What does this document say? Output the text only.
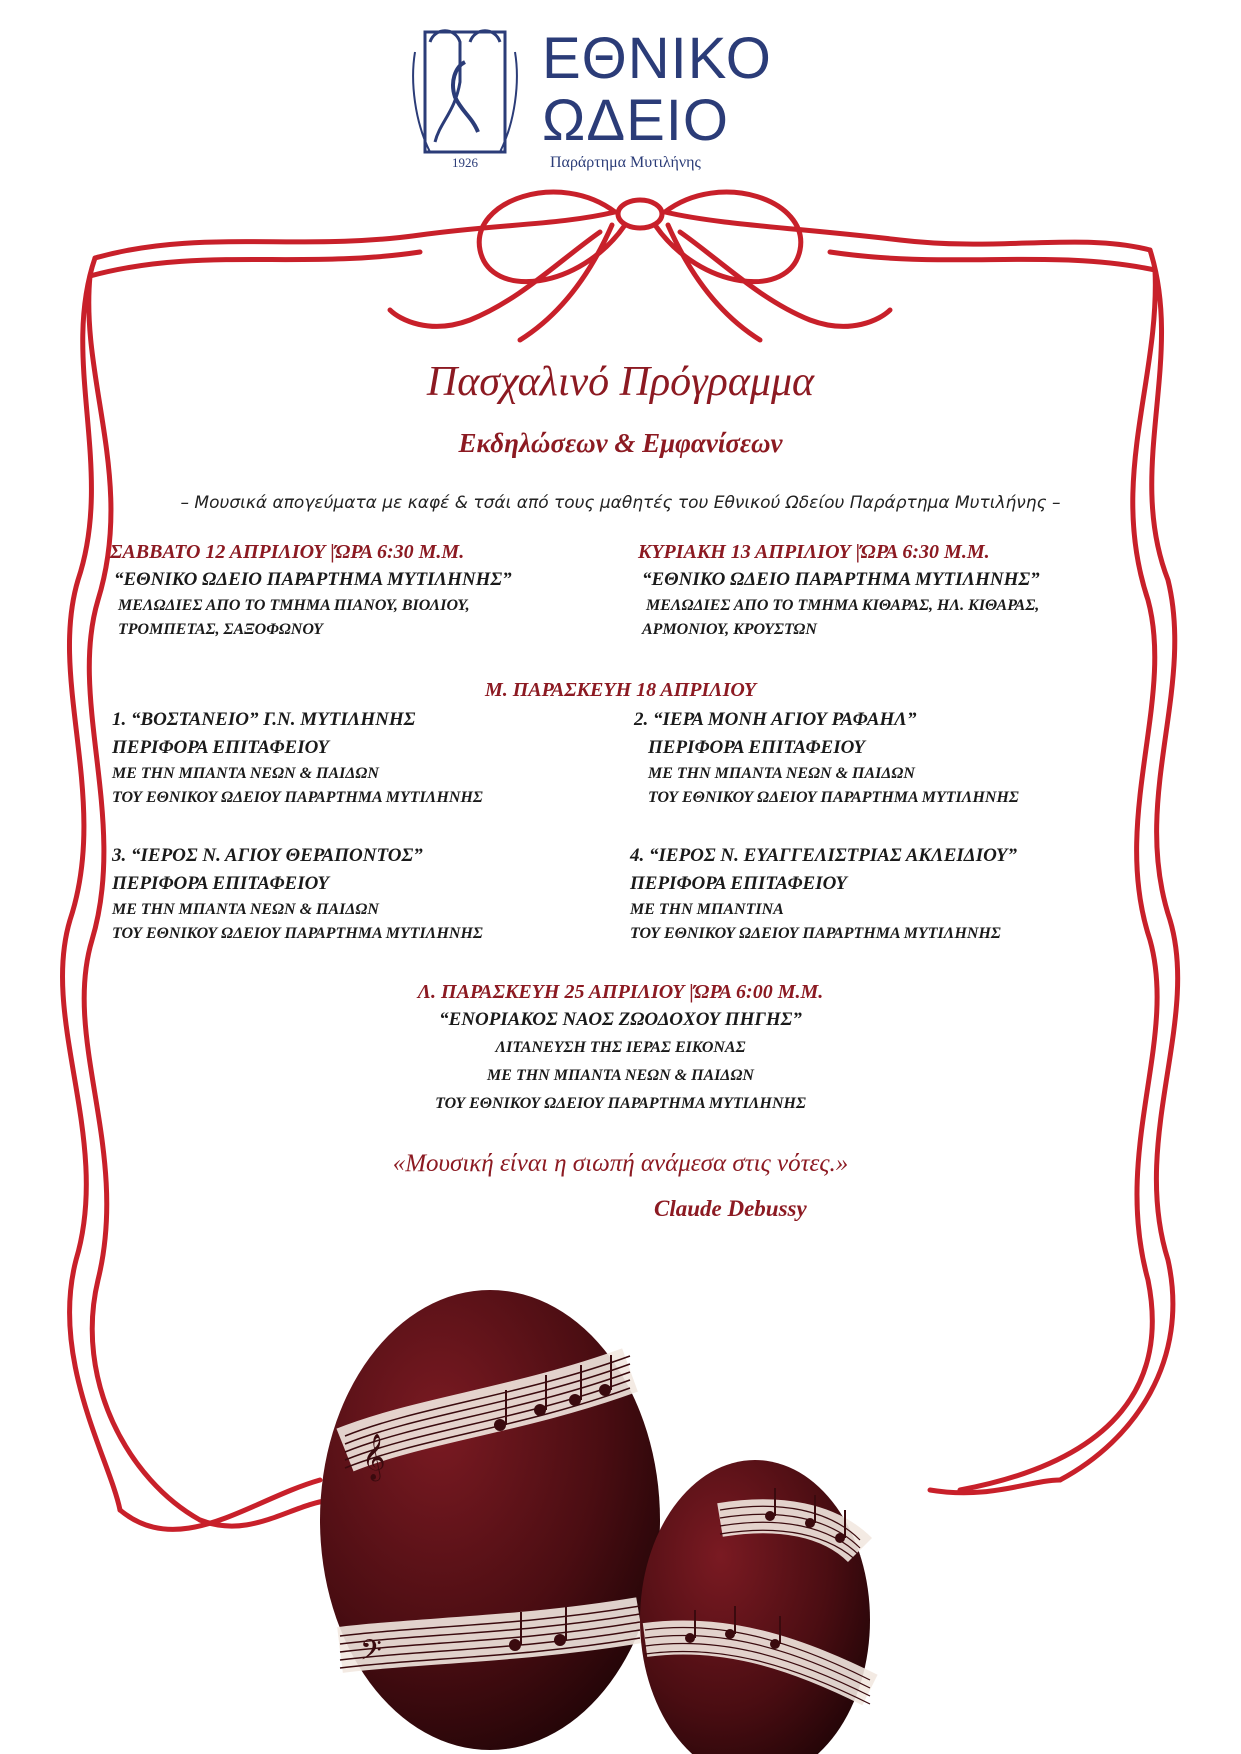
1926
ΕΘΝΙΚΟ
ΩΔΕΙΟ
Παράρτημα Μυτιλήνης
Πασχαλινό Πρόγραμμα
Εκδηλώσεων & Εμφανίσεων
– Μουσικά απογεύματα με καφέ & τσάι από τους μαθητές του Εθνικού Ωδείου Παράρτημα Μυτιλήνης –
ΣΑΒΒΑΤΟ 12 ΑΠΡΙΛΙΟΥ |ΏΡΑ 6:30 Μ.Μ.
“ΕΘΝΙΚΟ ΩΔΕΙΟ ΠΑΡΑΡΤΗΜΑ ΜΥΤΙΛΗΝΗΣ”
ΜΕΛΩΔΙΕΣ ΑΠΟ ΤΟ ΤΜΗΜΑ ΠΙΑΝΟΥ, ΒΙΟΛΙΟΥ,
ΤΡΟΜΠΕΤΑΣ, ΣΑΞΟΦΩΝΟΥ
ΚΥΡΙΑΚΗ 13 ΑΠΡΙΛΙΟΥ |ΏΡΑ 6:30 Μ.Μ.
“ΕΘΝΙΚΟ ΩΔΕΙΟ ΠΑΡΑΡΤΗΜΑ ΜΥΤΙΛΗΝΗΣ”
ΜΕΛΩΔΙΕΣ ΑΠΟ ΤΟ ΤΜΗΜΑ ΚΙΘΑΡΑΣ, ΗΛ. ΚΙΘΑΡΑΣ,
ΑΡΜΟΝΙΟΥ, ΚΡΟΥΣΤΩΝ
Μ. ΠΑΡΑΣΚΕΥΗ 18 ΑΠΡΙΛΙΟΥ
1. “ΒΟΣΤΑΝΕΙΟ” Γ.Ν. ΜΥΤΙΛΗΝΗΣ
ΠΕΡΙΦΟΡΑ ΕΠΙΤΑΦΕΙΟΥ
ΜΕ ΤΗΝ ΜΠΑΝΤΑ ΝΕΩΝ & ΠΑΙΔΩΝ
ΤΟΥ ΕΘΝΙΚΟΥ ΩΔΕΙΟΥ ΠΑΡΑΡΤΗΜΑ ΜΥΤΙΛΗΝΗΣ
2. “ΙΕΡΑ ΜΟΝΗ ΑΓΙΟΥ ΡΑΦΑΗΛ”
ΠΕΡΙΦΟΡΑ ΕΠΙΤΑΦΕΙΟΥ
ΜΕ ΤΗΝ ΜΠΑΝΤΑ ΝΕΩΝ & ΠΑΙΔΩΝ
ΤΟΥ ΕΘΝΙΚΟΥ ΩΔΕΙΟΥ ΠΑΡΑΡΤΗΜΑ ΜΥΤΙΛΗΝΗΣ
3. “ΙΕΡΟΣ Ν. ΑΓΙΟΥ ΘΕΡΑΠΟΝΤΟΣ”
ΠΕΡΙΦΟΡΑ ΕΠΙΤΑΦΕΙΟΥ
ΜΕ ΤΗΝ ΜΠΑΝΤΑ ΝΕΩΝ & ΠΑΙΔΩΝ
ΤΟΥ ΕΘΝΙΚΟΥ ΩΔΕΙΟΥ ΠΑΡΑΡΤΗΜΑ ΜΥΤΙΛΗΝΗΣ
4. “ΙΕΡΟΣ Ν. ΕΥΑΓΓΕΛΙΣΤΡΙΑΣ ΑΚΛΕΙΔΙΟΥ”
ΠΕΡΙΦΟΡΑ ΕΠΙΤΑΦΕΙΟΥ
ΜΕ ΤΗΝ ΜΠΑΝΤΙΝΑ
ΤΟΥ ΕΘΝΙΚΟΥ ΩΔΕΙΟΥ ΠΑΡΑΡΤΗΜΑ ΜΥΤΙΛΗΝΗΣ
Λ. ΠΑΡΑΣΚΕΥΗ 25 ΑΠΡΙΛΙΟΥ |ΏΡΑ 6:00 Μ.Μ.
“ΕΝΟΡΙΑΚΟΣ ΝΑΟΣ ΖΩΟΔΟΧΟΥ ΠΗΓΗΣ”
ΛΙΤΑΝΕΥΣΗ ΤΗΣ ΙΕΡΑΣ ΕΙΚΟΝΑΣ
ΜΕ ΤΗΝ ΜΠΑΝΤΑ ΝΕΩΝ & ΠΑΙΔΩΝ
ΤΟΥ ΕΘΝΙΚΟΥ ΩΔΕΙΟΥ ΠΑΡΑΡΤΗΜΑ ΜΥΤΙΛΗΝΗΣ
«Μουσική είναι η σιωπή ανάμεσα στις νότες.»
Claude Debussy
𝄞
𝄢
